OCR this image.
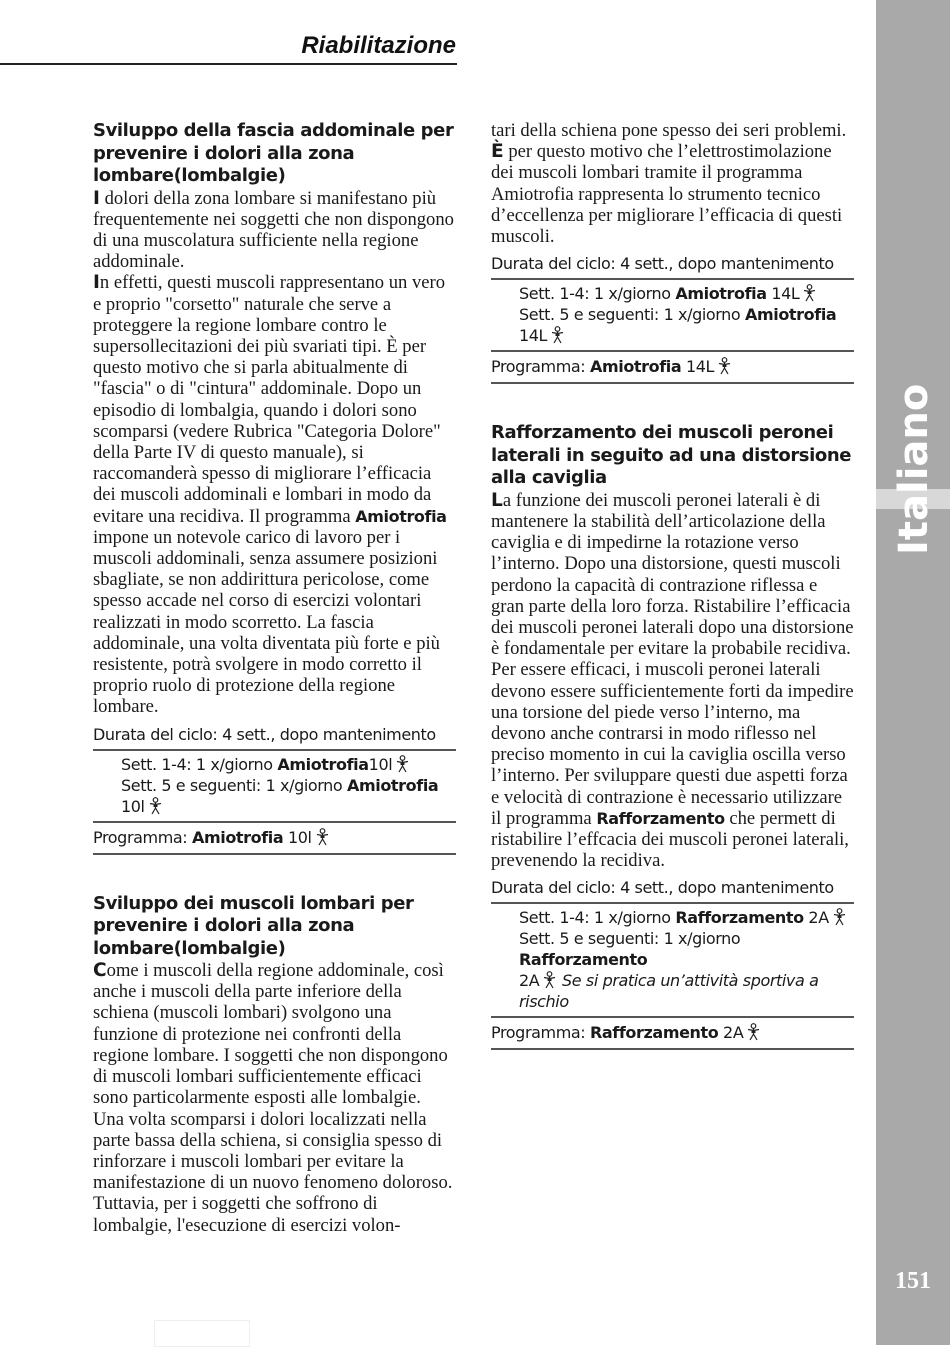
Riabilitazione
Italiano
151
Sviluppo della fascia addominale per prevenire i dolori alla zona lombare(lombalgie)

I dolori della zona lombare si manifestano più frequentemente nei soggetti che non dispongono di una muscolatura sufficiente nella regione addominale.

In effetti, questi muscoli rappresentano un vero e proprio "corsetto" naturale che serve a proteggere la regione lombare contro le supersollecitazioni dei più svariati tipi. È per questo motivo che si parla abitualmente di "fascia" o di "cintura" addominale. Dopo un episodio di lombalgia, quando i dolori sono scomparsi (vedere Rubrica "Categoria Dolore" della Parte IV di questo manuale), si raccomanderà spesso di migliorare l’efficacia dei muscoli addominali e lombari in modo da evitare una recidiva. Il programma Amiotrofia impone un notevole carico di lavoro per i muscoli addominali, senza assumere posizioni sbagliate, se non addirittura pericolose, come spesso accade nel corso di esercizi volontari realizzati in modo scorretto. La fascia addominale, una volta diventata più forte e più resistente, potrà svolgere in modo corretto il proprio ruolo di protezione della regione lombare.

Durata del ciclo: 4 sett., dopo mantenimento
Sett. 1-4: 1 x/giorno Amiotrofia10l
Sett. 5 e seguenti: 1 x/giorno Amiotrofia 10l
Programma: Amiotrofia 10l
Sviluppo dei muscoli lombari per prevenire i dolori alla zona lombare(lombalgie)

Come i muscoli della regione addominale, così anche i muscoli della parte inferiore della schiena (muscoli lombari) svolgono una funzione di protezione nei confronti della regione lombare. I soggetti che non dispongono di muscoli lombari sufficientemente efficaci sono particolarmente esposti alle lombalgie. Una volta scomparsi i dolori localizzati nella parte bassa della schiena, si consiglia spesso di rinforzare i muscoli lombari per evitare la manifestazione di un nuovo fenomeno doloroso. Tuttavia, per i soggetti che soffrono di lombalgie, l'esecuzione di esercizi volon-

tari della schiena pone spesso dei seri problemi.

È per questo motivo che l’elettrostimolazione dei muscoli lombari tramite il programma Amiotrofia rappresenta lo strumento tecnico d’eccellenza per migliorare l’efficacia di questi muscoli.

Durata del ciclo: 4 sett., dopo mantenimento
Sett. 1-4: 1 x/giorno Amiotrofia 14L
Sett. 5 e seguenti: 1 x/giorno Amiotrofia
14L
Programma: Amiotrofia 14L
Rafforzamento dei muscoli peronei laterali in seguito ad una distorsione alla caviglia

La funzione dei muscoli peronei laterali è di mantenere la stabilità dell’articolazione della caviglia e di impedirne la rotazione verso l’interno. Dopo una distorsione, questi muscoli perdono la capacità di contrazione riflessa e gran parte della loro forza. Ristabilire l’efficacia dei muscoli peronei laterali dopo una distorsione è fondamentale per evitare la probabile recidiva. Per essere efficaci, i muscoli peronei laterali devono essere sufficientemente forti da impedire una torsione del piede verso l’interno, ma devono anche contrarsi in modo riflesso nel preciso momento in cui la caviglia oscilla verso l’interno. Per sviluppare questi due aspetti forza e velocità di contrazione è necessario utilizzare il programma Rafforzamento che permett di ristabilire l’effcacia dei muscoli peronei laterali, prevenendo la recidiva.

Durata del ciclo: 4 sett., dopo mantenimento
Sett. 1-4: 1 x/giorno Rafforzamento 2A
Sett. 5 e seguenti: 1 x/giorno Rafforzamento
2A Se si pratica un’attività sportiva a rischio
Programma: Rafforzamento 2A
